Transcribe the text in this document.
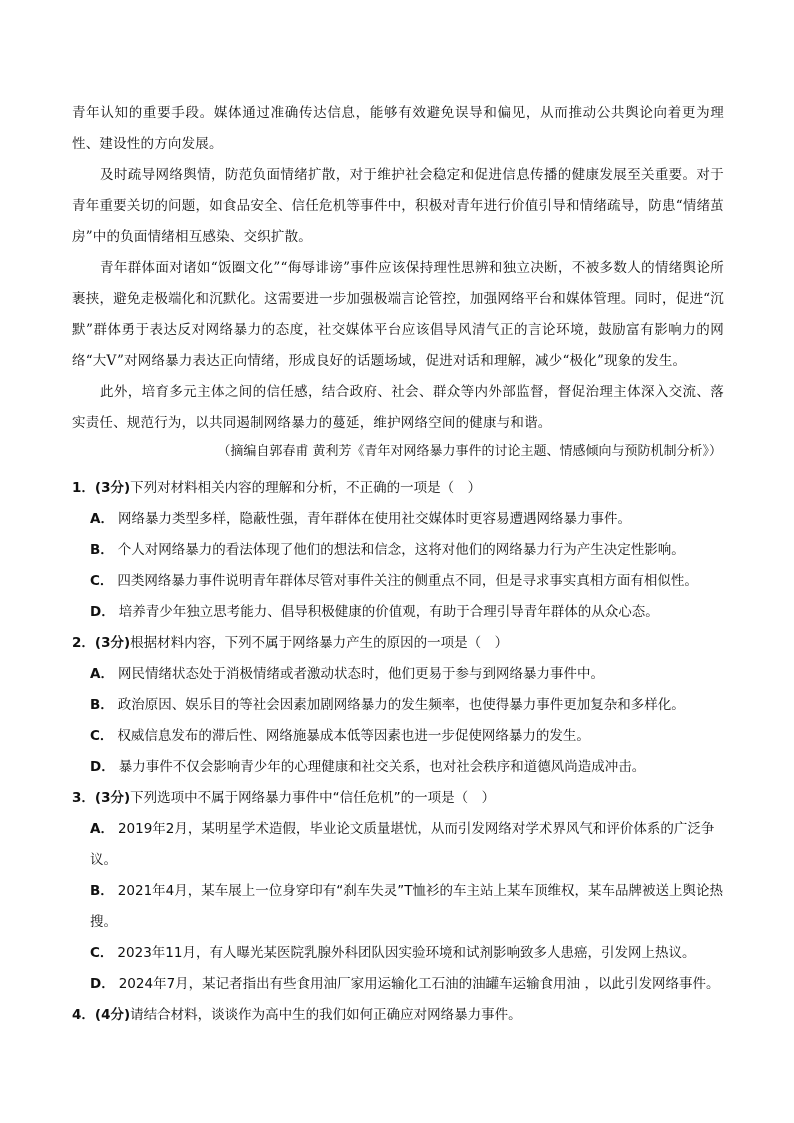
青年认知的重要手段。媒体通过准确传达信息，能够有效避免误导和偏见，从而推动公共舆论向着更为理性、建设性的方向发展。

及时疏导网络舆情，防范负面情绪扩散，对于维护社会稳定和促进信息传播的健康发展至关重要。对于青年重要关切的问题，如食品安全、信任危机等事件中，积极对青年进行价值引导和情绪疏导，防患“情绪茧房”中的负面情绪相互感染、交织扩散。

青年群体面对诸如“饭圈文化”“侮辱诽谤”事件应该保持理性思辨和独立决断，不被多数人的情绪舆论所裹挟，避免走极端化和沉默化。这需要进一步加强极端言论管控，加强网络平台和媒体管理。同时，促进“沉默”群体勇于表达反对网络暴力的态度，社交媒体平台应该倡导风清气正的言论环境，鼓励富有影响力的网络“大V”对网络暴力表达正向情绪，形成良好的话题场域，促进对话和理解，减少“极化”现象的发生。

此外，培育多元主体之间的信任感，结合政府、社会、群众等内外部监督，督促治理主体深入交流、落实责任、规范行为，以共同遏制网络暴力的蔓延，维护网络空间的健康与和谐。

（摘编自郭春甫 黄利芳《青年对网络暴力事件的讨论主题、情感倾向与预防机制分析》）

1．(3分)下列对材料相关内容的理解和分析，不正确的一项是（　）

A． 网络暴力类型多样，隐蔽性强，青年群体在使用社交媒体时更容易遭遇网络暴力事件。

B． 个人对网络暴力的看法体现了他们的想法和信念，这将对他们的网络暴力行为产生决定性影响。

C． 四类网络暴力事件说明青年群体尽管对事件关注的侧重点不同，但是寻求事实真相方面有相似性。

D． 培养青少年独立思考能力、倡导积极健康的价值观，有助于合理引导青年群体的从众心态。

2．(3分)根据材料内容，下列不属于网络暴力产生的原因的一项是（　）

A． 网民情绪状态处于消极情绪或者激动状态时，他们更易于参与到网络暴力事件中。

B． 政治原因、娱乐目的等社会因素加剧网络暴力的发生频率，也使得暴力事件更加复杂和多样化。

C． 权威信息发布的滞后性、网络施暴成本低等因素也进一步促使网络暴力的发生。

D． 暴力事件不仅会影响青少年的心理健康和社交关系，也对社会秩序和道德风尚造成冲击。

3．(3分)下列选项中不属于网络暴力事件中“信任危机”的一项是（　）

A． 2019年2月，某明星学术造假，毕业论文质量堪忧，从而引发网络对学术界风气和评价体系的广泛争议。

B． 2021年4月，某车展上一位身穿印有“刹车失灵”T恤衫的车主站上某车顶维权，某车品牌被送上舆论热搜。

C． 2023年11月，有人曝光某医院乳腺外科团队因实验环境和试剂影响致多人患癌，引发网上热议。

D． 2024年7月，某记者指出有些食用油厂家用运输化工石油的油罐车运输食用油 ，以此引发网络事件。

4．(4分)请结合材料，谈谈作为高中生的我们如何正确应对网络暴力事件。
